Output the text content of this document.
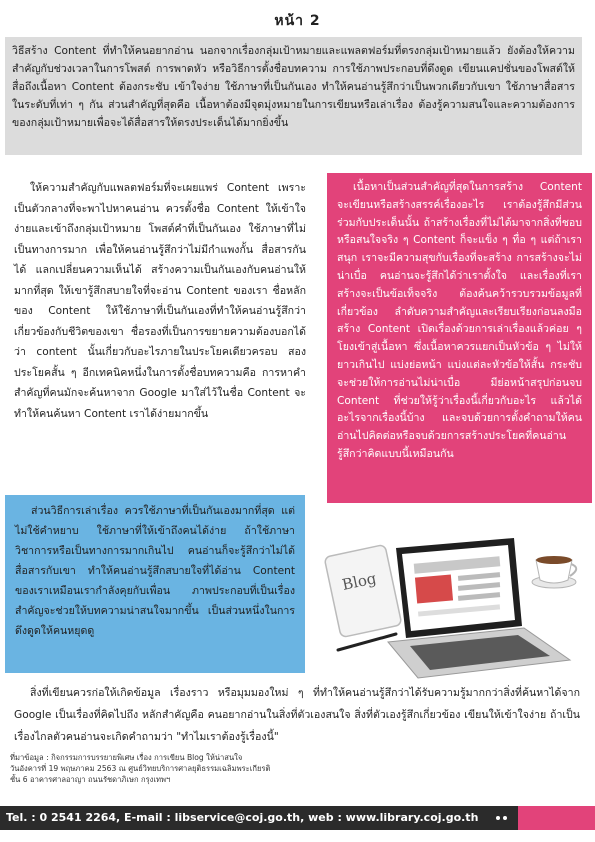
หน้า 2
วิธีสร้าง Content ที่ทำให้คนอยากอ่าน นอกจากเรื่องกลุ่มเป้าหมายและแพลตฟอร์มที่ตรงกลุ่มเป้าหมายแล้ว ยังต้องให้ความสำคัญกับช่วงเวลาในการโพสต์ การพาดหัว หรือวิธีการตั้งชื่อบทความ การใช้ภาพประกอบที่ดึงดูด เขียนแคปชั่นของโพสต์ให้สื่อถึงเนื้อหา Content ต้องกระชับ เข้าใจง่าย ใช้ภาษาที่เป็นกันเอง ทำให้คนอ่านรู้สึกว่าเป็นพวกเดียวกับเขา ใช้ภาษาสื่อสารในระดับที่เท่า ๆ กัน ส่วนสำคัญที่สุดคือ เนื้อหาต้องมีจุดมุ่งหมายในการเขียนหรือเล่าเรื่อง ต้องรู้ความสนใจและความต้องการของกลุ่มเป้าหมายเพื่อจะได้สื่อสารให้ตรงประเด็นได้มากยิ่งขึ้น
ให้ความสำคัญกับแพลตฟอร์มที่จะเผยแพร่ Content เพราะเป็นตัวกลางที่จะพาไปหาคนอ่าน ควรตั้งชื่อ Content ให้เข้าใจง่ายและเข้าถึงกลุ่มเป้าหมาย โพสต์คำที่เป็นกันเอง ใช้ภาษาที่ไม่เป็นทางการมาก เพื่อให้คนอ่านรู้สึกว่าไม่มีกำแพงกั้น สื่อสารกันได้ แลกเปลี่ยนความเห็นได้ สร้างความเป็นกันเองกับคนอ่านให้มากที่สุด ให้เขารู้สึกสบายใจที่จะอ่าน Content ของเรา ชื่อหลักของ Content ให้ใช้ภาษาที่เป็นกันเองที่ทำให้คนอ่านรู้สึกว่าเกี่ยวข้องกับชีวิตของเขา ชื่อรองที่เป็นการขยายความต้องบอกได้ว่า content นั้นเกี่ยวกับอะไรภายในประโยคเดียวครอบ สองประโยคสั้น ๆ อีกเทคนิคหนึ่งในการตั้งชื่อบทความคือ การหาคำสำคัญที่คนมักจะค้นหาจาก Google มาใส่ไว้ในชื่อ Content จะทำให้คนค้นหา Content เราได้ง่ายมากขึ้น
เนื้อหาเป็นส่วนสำคัญที่สุดในการสร้าง Content จะเขียนหรือสร้างสรรค์เรื่องอะไร เราต้องรู้สึกมีส่วนร่วมกับประเด็นนั้น ถ้าสร้างเรื่องที่ไม่ได้มาจากสิ่งที่ชอบหรือสนใจจริง ๆ Content ก็จะแข็ง ๆ ทื่อ ๆ แต่ถ้าเราสนุก เราจะมีความสุขกับเรื่องที่จะสร้าง การสร้างจะไม่น่าเบื่อ คนอ่านจะรู้สึกได้ว่าเราตั้งใจ และเรื่องที่เราสร้างจะเป็นข้อเท็จจริง ต้องค้นคว้ารวบรวมข้อมูลที่เกี่ยวข้อง ลำดับความสำคัญและเรียบเรียงก่อนลงมือสร้าง Content เปิดเรื่องด้วยการเล่าเรื่องแล้วค่อย ๆ โยงเข้าสู่เนื้อหา ซึ่งเนื้อหาควรแยกเป็นหัวข้อ ๆ ไม่ให้ยาวเกินไป แบ่งย่อหน้า แบ่งแต่ละหัวข้อให้สั้น กระชับ จะช่วยให้การอ่านไม่น่าเบื่อ มีย่อหน้าสรุปก่อนจบ Content ที่ช่วยให้รู้ว่าเรื่องนี้เกี่ยวกับอะไร แล้วได้อะไรจากเรื่องนี้บ้าง และจบด้วยการตั้งคำถามให้คนอ่านไปคิดต่อหรือจบด้วยการสร้างประโยคที่คนอ่านรู้สึกว่าคิดแบบนี้เหมือนกัน
ส่วนวิธีการเล่าเรื่อง ควรใช้ภาษาที่เป็นกันเองมากที่สุด แต่ไม่ใช้คำหยาบ ใช้ภาษาที่ให้เข้าถึงคนได้ง่าย ถ้าใช้ภาษาวิชาการหรือเป็นทางการมากเกินไป คนอ่านก็จะรู้สึกว่าไม่ได้สื่อสารกับเขา ทำให้คนอ่านรู้สึกสบายใจที่ได้อ่าน Content ของเราเหมือนเรากำลังคุยกับเพื่อน ภาพประกอบที่เป็นเรื่องสำคัญจะช่วยให้บทความน่าสนใจมากขึ้น เป็นส่วนหนึ่งในการดึงดูดให้คนหยุดดู
Blog
สิ่งที่เขียนควรก่อให้เกิดข้อมูล เรื่องราว หรือมุมมองใหม่ ๆ ที่ทำให้คนอ่านรู้สึกว่าได้รับความรู้มากกว่าสิ่งที่ค้นหาได้จาก Google เป็นเรื่องที่คิดไปถึง หลักสำคัญคือ คนอยากอ่านในสิ่งที่ตัวเองสนใจ สิ่งที่ตัวเองรู้สึกเกี่ยวข้อง เขียนให้เข้าใจง่าย ถ้าเป็นเรื่องไกลตัวคนอ่านจะเกิดคำถามว่า "ทำไมเราต้องรู้เรื่องนี้"
ที่มาข้อมูล : กิจกรรมการบรรยายพิเศษ เรื่อง การเขียน Blog ให้น่าสนใจ
วันอังคารที่ 19 พฤษภาคม 2563 ณ ศูนย์วิทยบริการศาลยุติธรรมเฉลิมพระเกียรติ
ชั้น 6 อาคารศาลอาญา ถนนรัชดาภิเษก กรุงเทพฯ
Tel. : 0 2541 2264, E-mail : libservice@coj.go.th, web : www.library.coj.go.th
